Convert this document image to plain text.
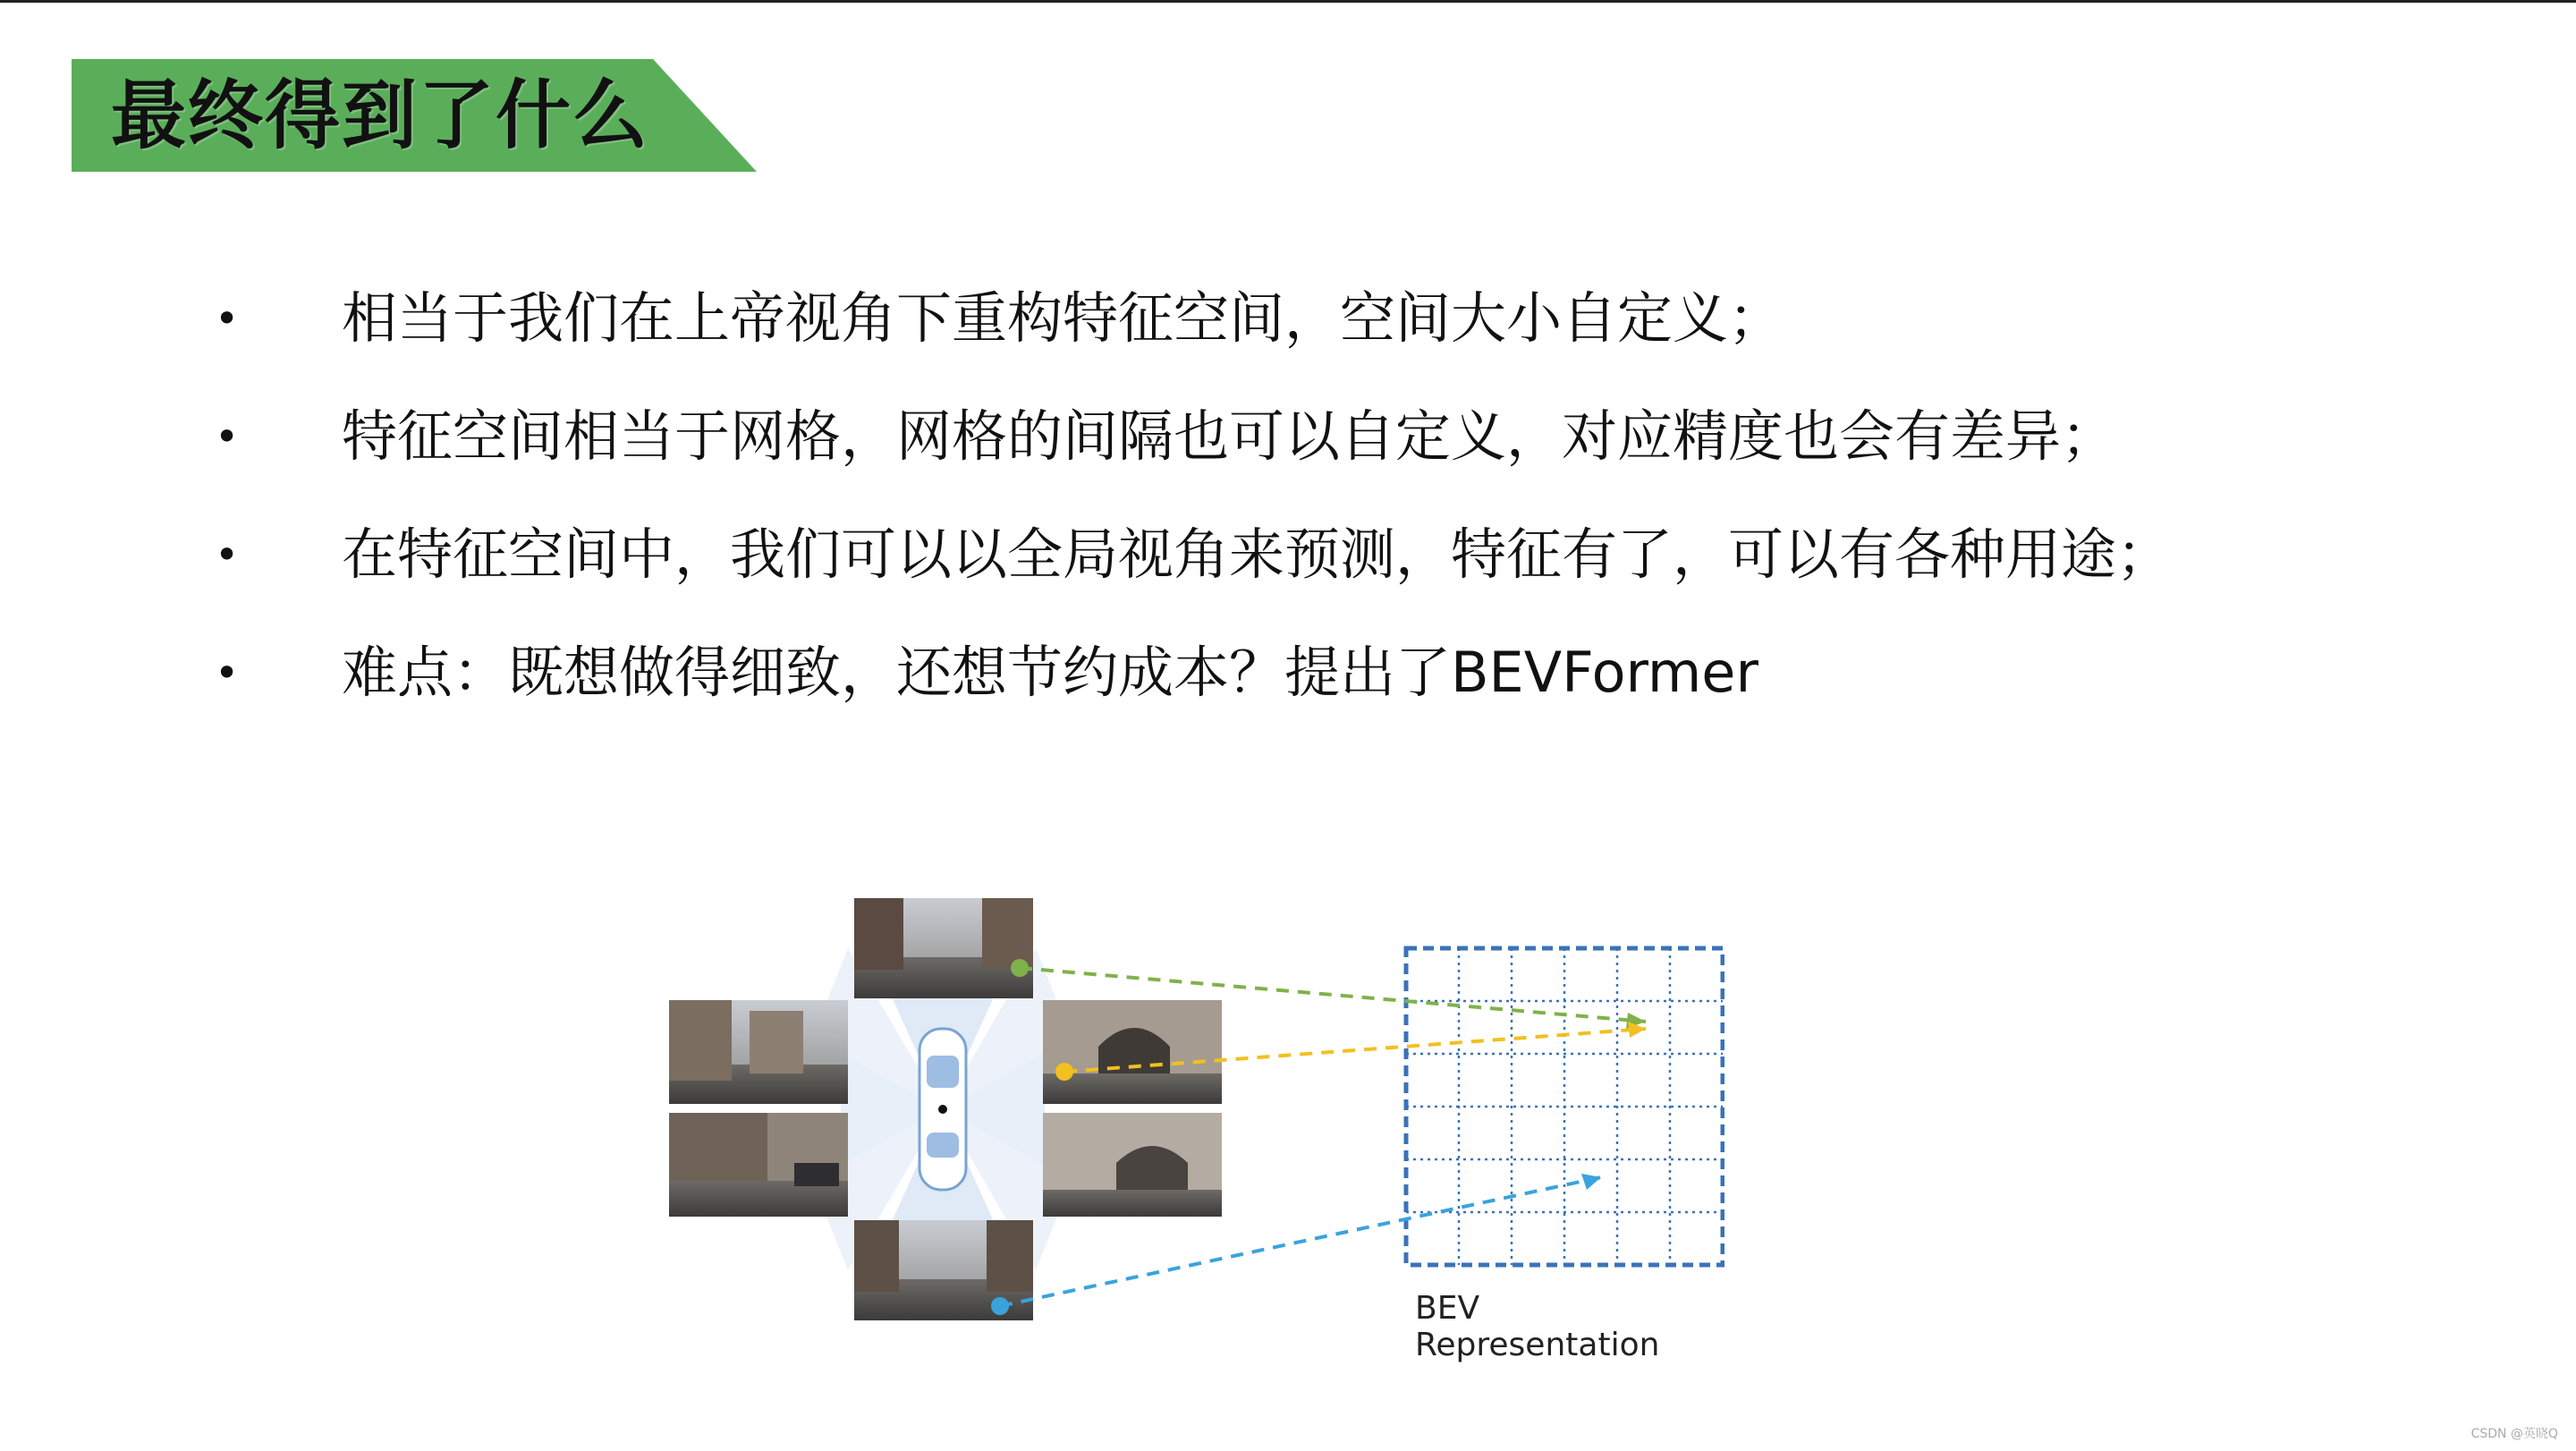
最终得到了什么
• 相当于我们在上帝视角下重构特征空间，空间大小自定义；
• 特征空间相当于网格，网格的间隔也可以自定义，对应精度也会有差异；
• 在特征空间中，我们可以以全局视角来预测，特征有了，可以有各种用途；
• 难点：既想做得细致，还想节约成本？提出了BEVFormer
BEV Representation
CSDN @英晓Q
